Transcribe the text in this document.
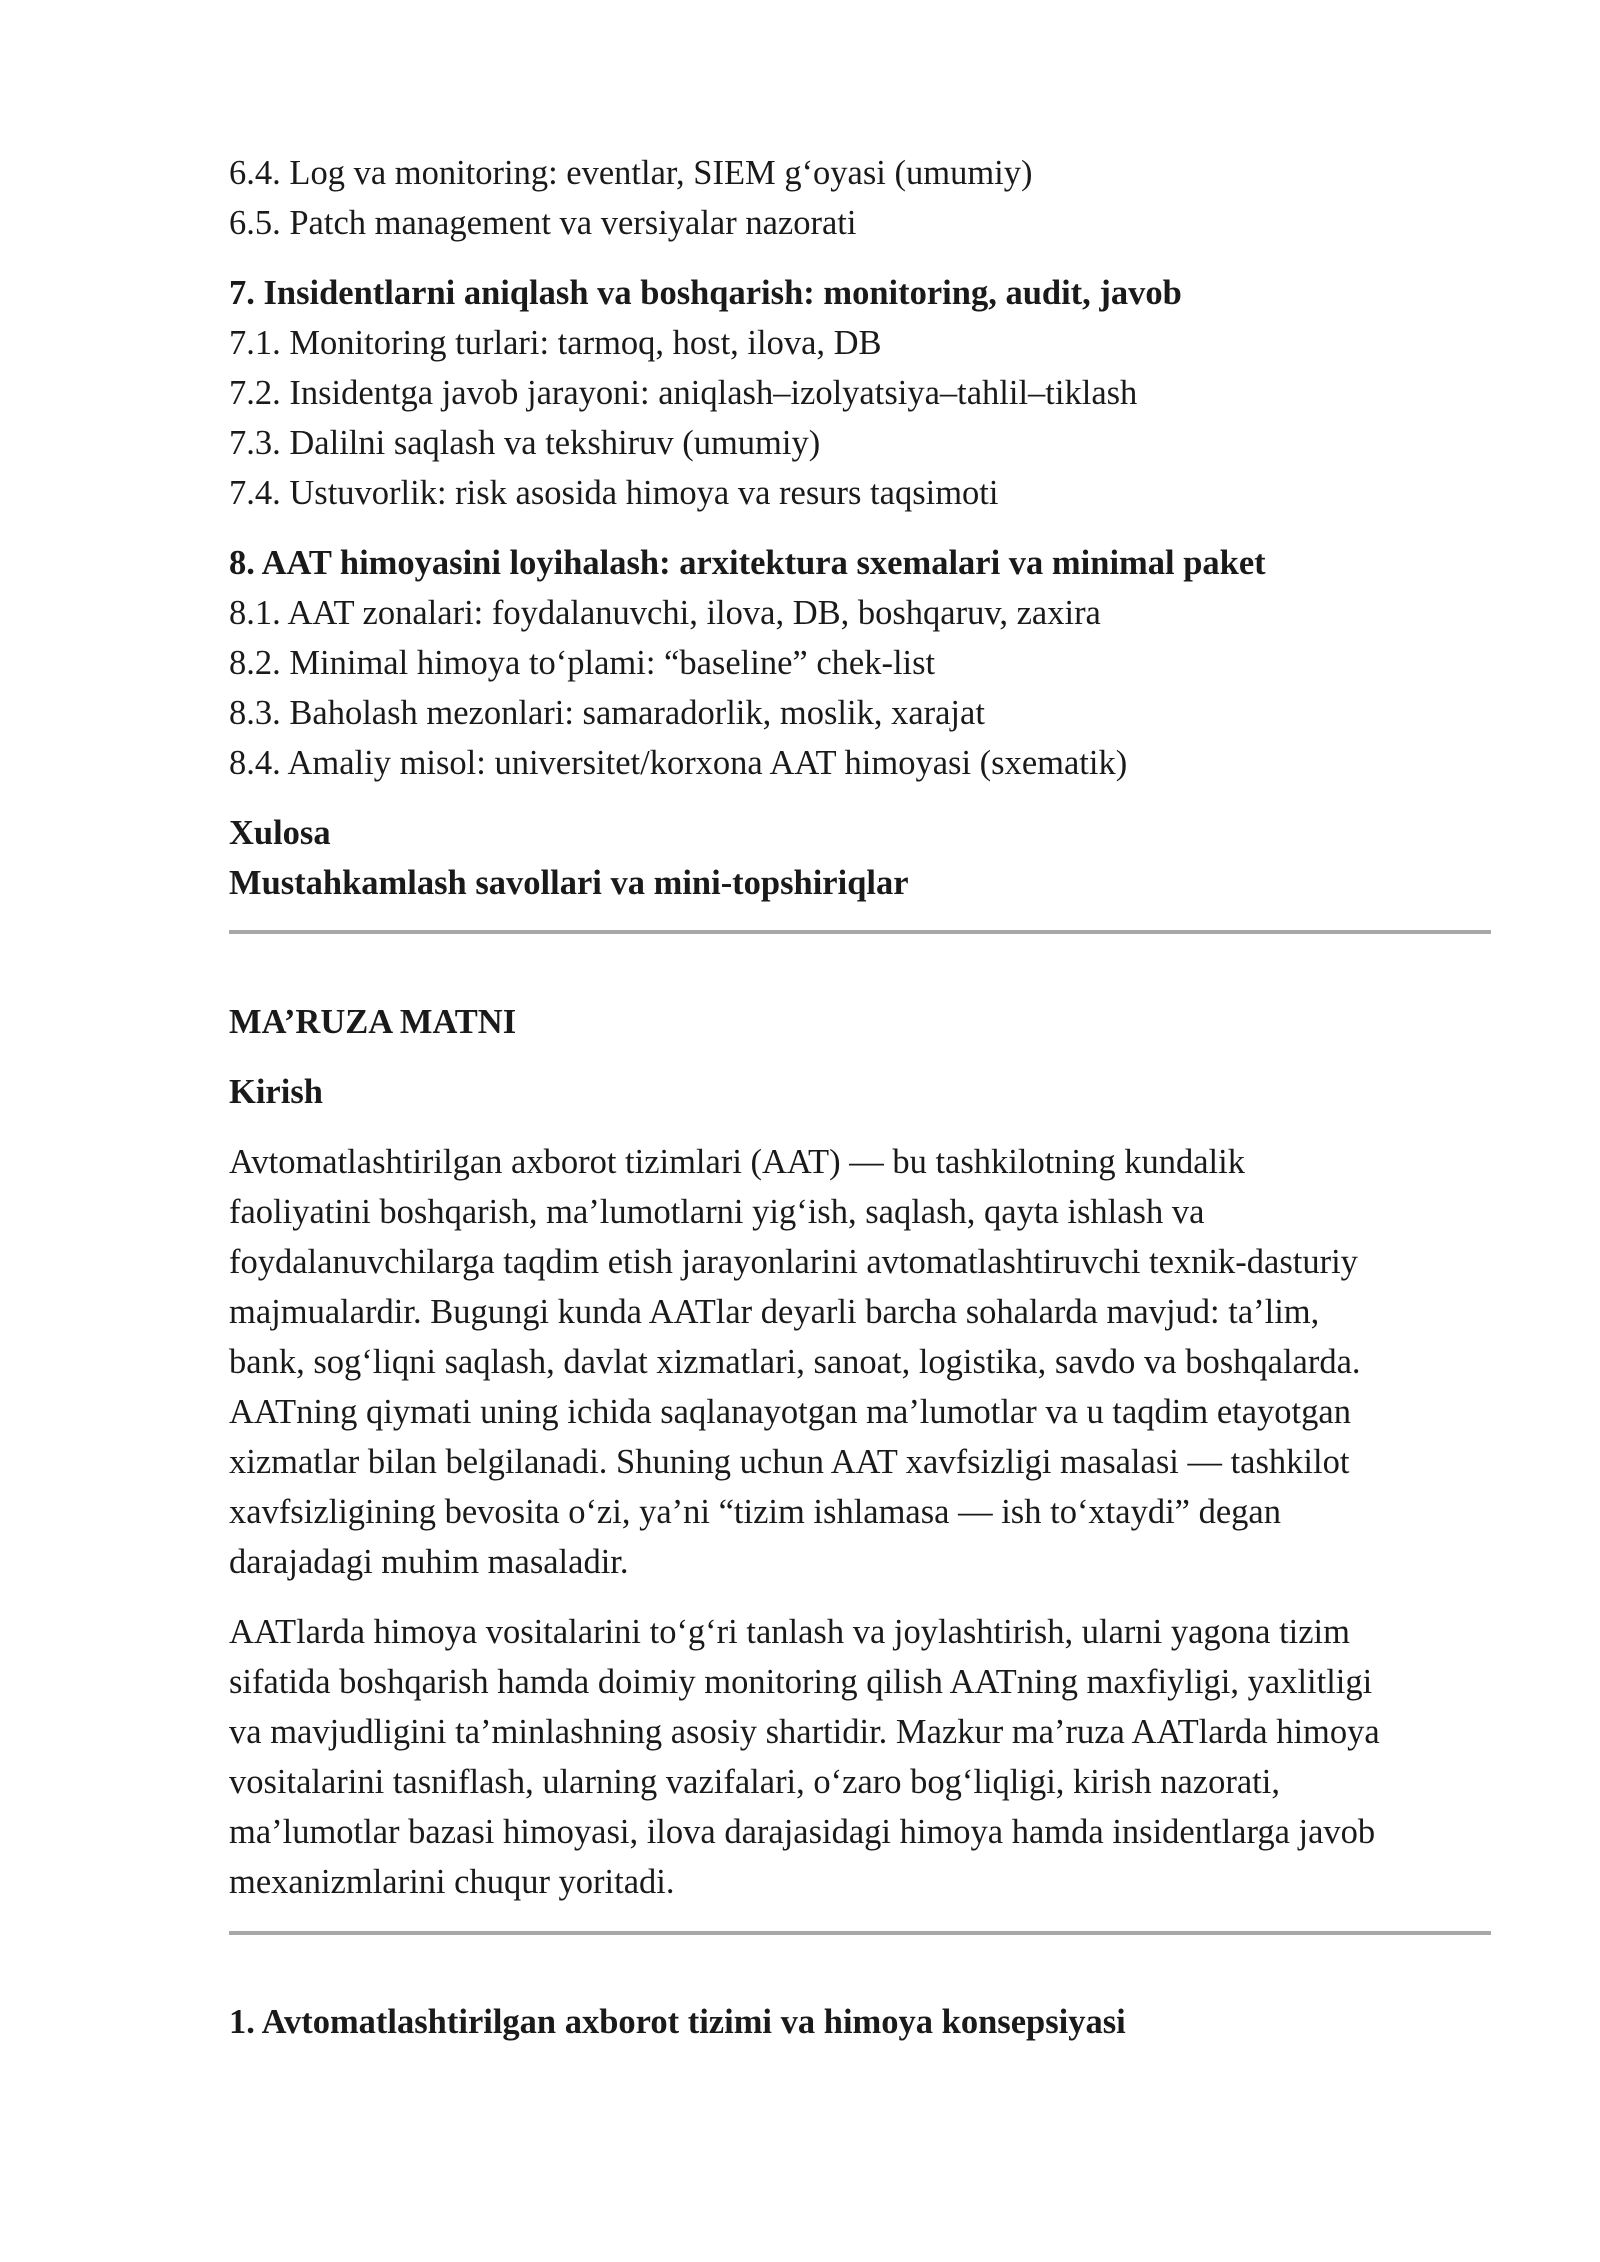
6.4. Log va monitoring: eventlar, SIEM g‘oyasi (umumiy)
6.5. Patch management va versiyalar nazorati
7. Insidentlarni aniqlash va boshqarish: monitoring, audit, javob
7.1. Monitoring turlari: tarmoq, host, ilova, DB
7.2. Insidentga javob jarayoni: aniqlash–izolyatsiya–tahlil–tiklash
7.3. Dalilni saqlash va tekshiruv (umumiy)
7.4. Ustuvorlik: risk asosida himoya va resurs taqsimoti
8. AAT himoyasini loyihalash: arxitektura sxemalari va minimal paket
8.1. AAT zonalari: foydalanuvchi, ilova, DB, boshqaruv, zaxira
8.2. Minimal himoya to‘plami: “baseline” chek-list
8.3. Baholash mezonlari: samaradorlik, moslik, xarajat
8.4. Amaliy misol: universitet/korxona AAT himoyasi (sxematik)
Xulosa
Mustahkamlash savollari va mini-topshiriqlar
MA’RUZA MATNI
Kirish
Avtomatlashtirilgan axborot tizimlari (AAT) — bu tashkilotning kundalik
faoliyatini boshqarish, ma’lumotlarni yig‘ish, saqlash, qayta ishlash va
foydalanuvchilarga taqdim etish jarayonlarini avtomatlashtiruvchi texnik-dasturiy
majmualardir. Bugungi kunda AATlar deyarli barcha sohalarda mavjud: ta’lim,
bank, sog‘liqni saqlash, davlat xizmatlari, sanoat, logistika, savdo va boshqalarda.
AATning qiymati uning ichida saqlanayotgan ma’lumotlar va u taqdim etayotgan
xizmatlar bilan belgilanadi. Shuning uchun AAT xavfsizligi masalasi — tashkilot
xavfsizligining bevosita o‘zi, ya’ni “tizim ishlamasa — ish to‘xtaydi” degan
darajadagi muhim masaladir.
AATlarda himoya vositalarini to‘g‘ri tanlash va joylashtirish, ularni yagona tizim
sifatida boshqarish hamda doimiy monitoring qilish AATning maxfiyligi, yaxlitligi
va mavjudligini ta’minlashning asosiy shartidir. Mazkur ma’ruza AATlarda himoya
vositalarini tasniflash, ularning vazifalari, o‘zaro bog‘liqligi, kirish nazorati,
ma’lumotlar bazasi himoyasi, ilova darajasidagi himoya hamda insidentlarga javob
mexanizmlarini chuqur yoritadi.
1. Avtomatlashtirilgan axborot tizimi va himoya konsepsiyasi
